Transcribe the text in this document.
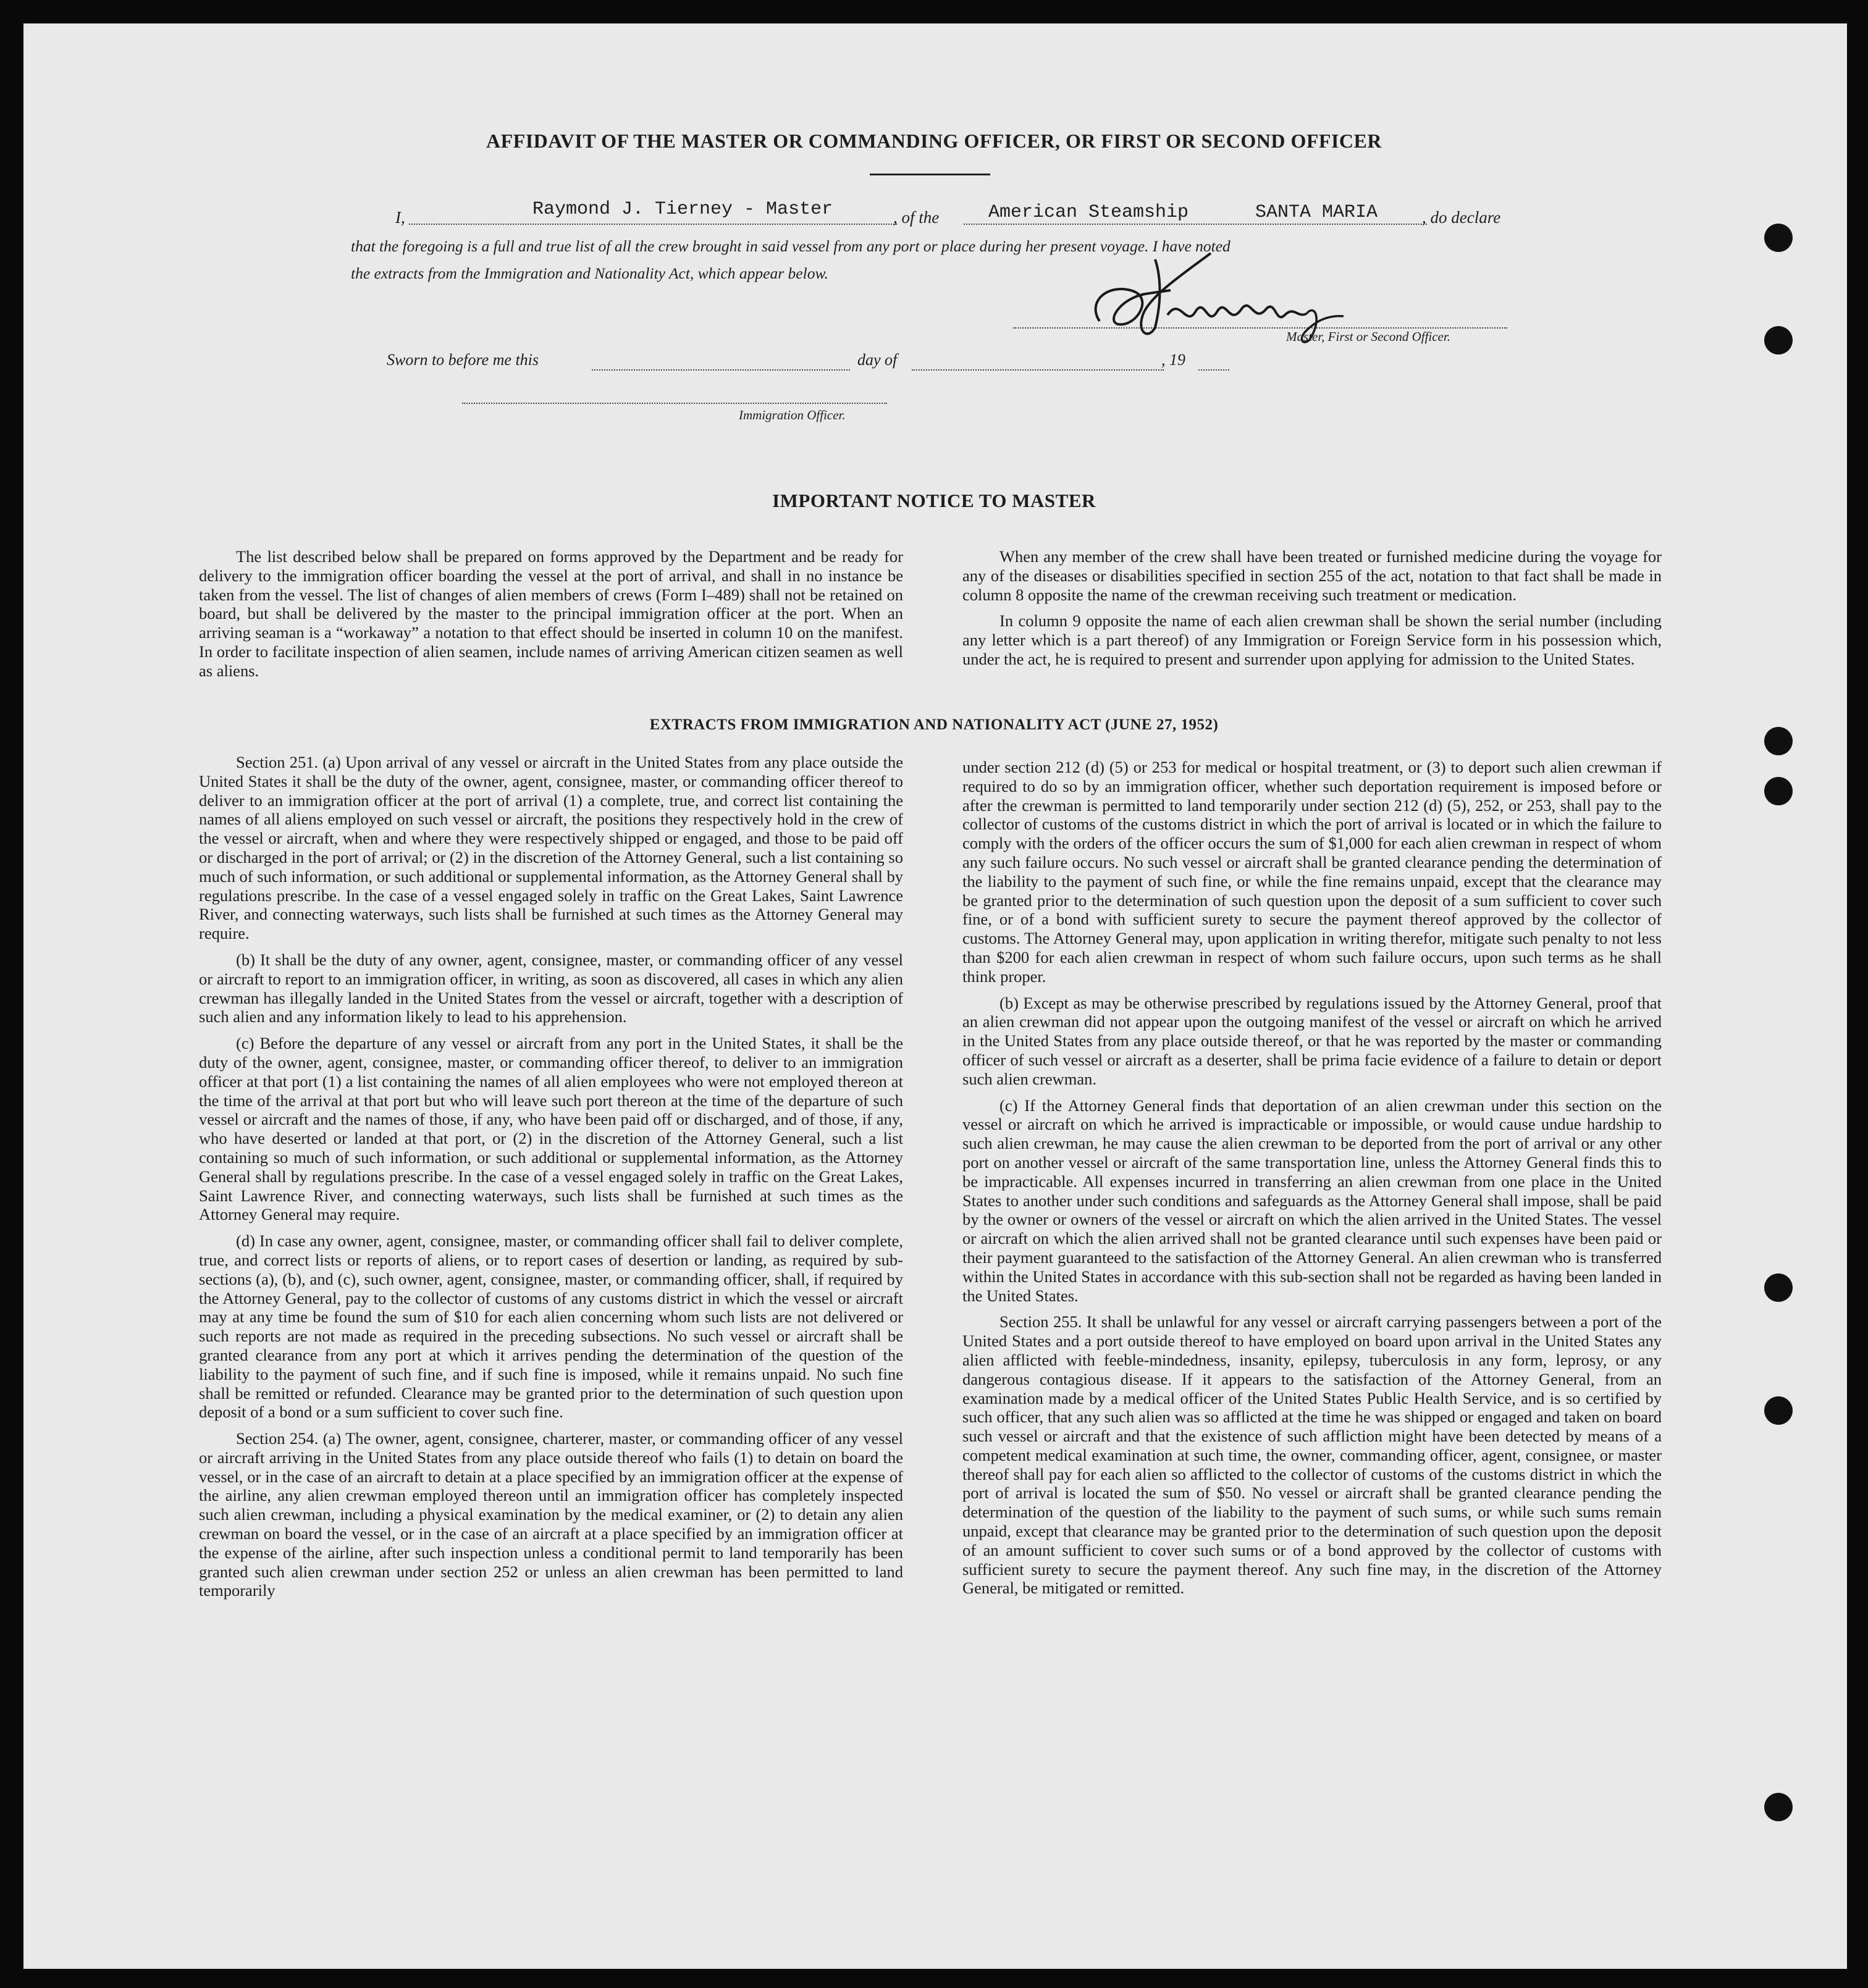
AFFIDAVIT OF THE MASTER OR COMMANDING OFFICER, OR FIRST OR SECOND OFFICER
I,	Raymond J. Tierney - Master	, of the	American Steamship	SANTA MARIA	, do declare
that the foregoing is a full and true list of all the crew brought in said vessel from any port or place during her present voyage. I have noted
the extracts from the Immigration and Nationality Act, which appear below.
Master, First or Second Officer.
Sworn to before me this	day of	, 19
Immigration Officer.
IMPORTANT NOTICE TO MASTER

The list described below shall be prepared on forms approved by the Department and be ready for delivery to the immigration officer boarding the vessel at the port of arrival, and shall in no instance be taken from the vessel. The list of changes of alien members of crews (Form I–489) shall not be retained on board, but shall be delivered by the master to the principal immigration officer at the port. When an arriving seaman is a “workaway” a notation to that effect should be inserted in column 10 on the manifest. In order to facilitate inspection of alien seamen, include names of arriving American citizen seamen as well as aliens.

When any member of the crew shall have been treated or furnished medicine during the voyage for any of the diseases or disabilities specified in section 255 of the act, notation to that fact shall be made in column 8 opposite the name of the crewman receiving such treatment or medication.

In column 9 opposite the name of each alien crewman shall be shown the serial number (including any letter which is a part thereof) of any Immigration or Foreign Service form in his possession which, under the act, he is required to present and surrender upon applying for admission to the United States.

EXTRACTS FROM IMMIGRATION AND NATIONALITY ACT (JUNE 27, 1952)

Section 251. (a) Upon arrival of any vessel or aircraft in the United States from any place outside the United States it shall be the duty of the owner, agent, consignee, master, or commanding officer thereof to deliver to an immigration officer at the port of arrival (1) a complete, true, and correct list containing the names of all aliens employed on such vessel or aircraft, the positions they respectively hold in the crew of the vessel or aircraft, when and where they were respectively shipped or engaged, and those to be paid off or discharged in the port of arrival; or (2) in the discretion of the Attorney General, such a list containing so much of such information, or such additional or supplemental information, as the Attorney General shall by regulations prescribe. In the case of a vessel engaged solely in traffic on the Great Lakes, Saint Lawrence River, and connecting waterways, such lists shall be furnished at such times as the Attorney General may require.

(b) It shall be the duty of any owner, agent, consignee, master, or commanding officer of any vessel or aircraft to report to an immigration officer, in writing, as soon as discovered, all cases in which any alien crewman has illegally landed in the United States from the vessel or aircraft, together with a description of such alien and any information likely to lead to his apprehension.

(c) Before the departure of any vessel or aircraft from any port in the United States, it shall be the duty of the owner, agent, consignee, master, or commanding officer thereof, to deliver to an immigration officer at that port (1) a list containing the names of all alien employees who were not employed thereon at the time of the arrival at that port but who will leave such port thereon at the time of the departure of such vessel or aircraft and the names of those, if any, who have been paid off or discharged, and of those, if any, who have deserted or landed at that port, or (2) in the discretion of the Attorney General, such a list containing so much of such information, or such additional or supplemental information, as the Attorney General shall by regulations prescribe. In the case of a vessel engaged solely in traffic on the Great Lakes, Saint Lawrence River, and connecting waterways, such lists shall be furnished at such times as the Attorney General may require.

(d) In case any owner, agent, consignee, master, or commanding officer shall fail to deliver complete, true, and correct lists or reports of aliens, or to report cases of desertion or landing, as required by sub-sections (a), (b), and (c), such owner, agent, consignee, master, or commanding officer, shall, if required by the Attorney General, pay to the collector of customs of any customs district in which the vessel or aircraft may at any time be found the sum of $10 for each alien concerning whom such lists are not delivered or such reports are not made as required in the preceding subsections. No such vessel or aircraft shall be granted clearance from any port at which it arrives pending the determination of the question of the liability to the payment of such fine, and if such fine is imposed, while it remains unpaid. No such fine shall be remitted or refunded. Clearance may be granted prior to the determination of such question upon deposit of a bond or a sum sufficient to cover such fine.

Section 254. (a) The owner, agent, consignee, charterer, master, or commanding officer of any vessel or aircraft arriving in the United States from any place outside thereof who fails (1) to detain on board the vessel, or in the case of an aircraft to detain at a place specified by an immigration officer at the expense of the airline, any alien crewman employed thereon until an immigration officer has completely inspected such alien crewman, including a physical examination by the medical examiner, or (2) to detain any alien crewman on board the vessel, or in the case of an aircraft at a place specified by an immigration officer at the expense of the airline, after such inspection unless a conditional permit to land temporarily has been granted such alien crewman under section 252 or unless an alien crewman has been permitted to land temporarily

under section 212 (d) (5) or 253 for medical or hospital treatment, or (3) to deport such alien crewman if required to do so by an immigration officer, whether such deportation requirement is imposed before or after the crewman is permitted to land temporarily under section 212 (d) (5), 252, or 253, shall pay to the collector of customs of the customs district in which the port of arrival is located or in which the failure to comply with the orders of the officer occurs the sum of $1,000 for each alien crewman in respect of whom any such failure occurs. No such vessel or aircraft shall be granted clearance pending the determination of the liability to the payment of such fine, or while the fine remains unpaid, except that the clearance may be granted prior to the determination of such question upon the deposit of a sum sufficient to cover such fine, or of a bond with sufficient surety to secure the payment thereof approved by the collector of customs. The Attorney General may, upon application in writing therefor, mitigate such penalty to not less than $200 for each alien crewman in respect of whom such failure occurs, upon such terms as he shall think proper.

(b) Except as may be otherwise prescribed by regulations issued by the Attorney General, proof that an alien crewman did not appear upon the outgoing manifest of the vessel or aircraft on which he arrived in the United States from any place outside thereof, or that he was reported by the master or commanding officer of such vessel or aircraft as a deserter, shall be prima facie evidence of a failure to detain or deport such alien crewman.

(c) If the Attorney General finds that deportation of an alien crewman under this section on the vessel or aircraft on which he arrived is impracticable or impossible, or would cause undue hardship to such alien crewman, he may cause the alien crewman to be deported from the port of arrival or any other port on another vessel or aircraft of the same transportation line, unless the Attorney General finds this to be impracticable. All expenses incurred in transferring an alien crewman from one place in the United States to another under such conditions and safeguards as the Attorney General shall impose, shall be paid by the owner or owners of the vessel or aircraft on which the alien arrived in the United States. The vessel or aircraft on which the alien arrived shall not be granted clearance until such expenses have been paid or their payment guaranteed to the satisfaction of the Attorney General. An alien crewman who is transferred within the United States in accordance with this sub-section shall not be regarded as having been landed in the United States.

Section 255. It shall be unlawful for any vessel or aircraft carrying passengers between a port of the United States and a port outside thereof to have employed on board upon arrival in the United States any alien afflicted with feeble-mindedness, insanity, epilepsy, tuberculosis in any form, leprosy, or any dangerous contagious disease. If it appears to the satisfaction of the Attorney General, from an examination made by a medical officer of the United States Public Health Service, and is so certified by such officer, that any such alien was so afflicted at the time he was shipped or engaged and taken on board such vessel or aircraft and that the existence of such affliction might have been detected by means of a competent medical examination at such time, the owner, commanding officer, agent, consignee, or master thereof shall pay for each alien so afflicted to the collector of customs of the customs district in which the port of arrival is located the sum of $50. No vessel or aircraft shall be granted clearance pending the determination of the question of the liability to the payment of such sums, or while such sums remain unpaid, except that clearance may be granted prior to the determination of such question upon the deposit of an amount sufficient to cover such sums or of a bond approved by the collector of customs with sufficient surety to secure the payment thereof. Any such fine may, in the discretion of the Attorney General, be mitigated or remitted.
